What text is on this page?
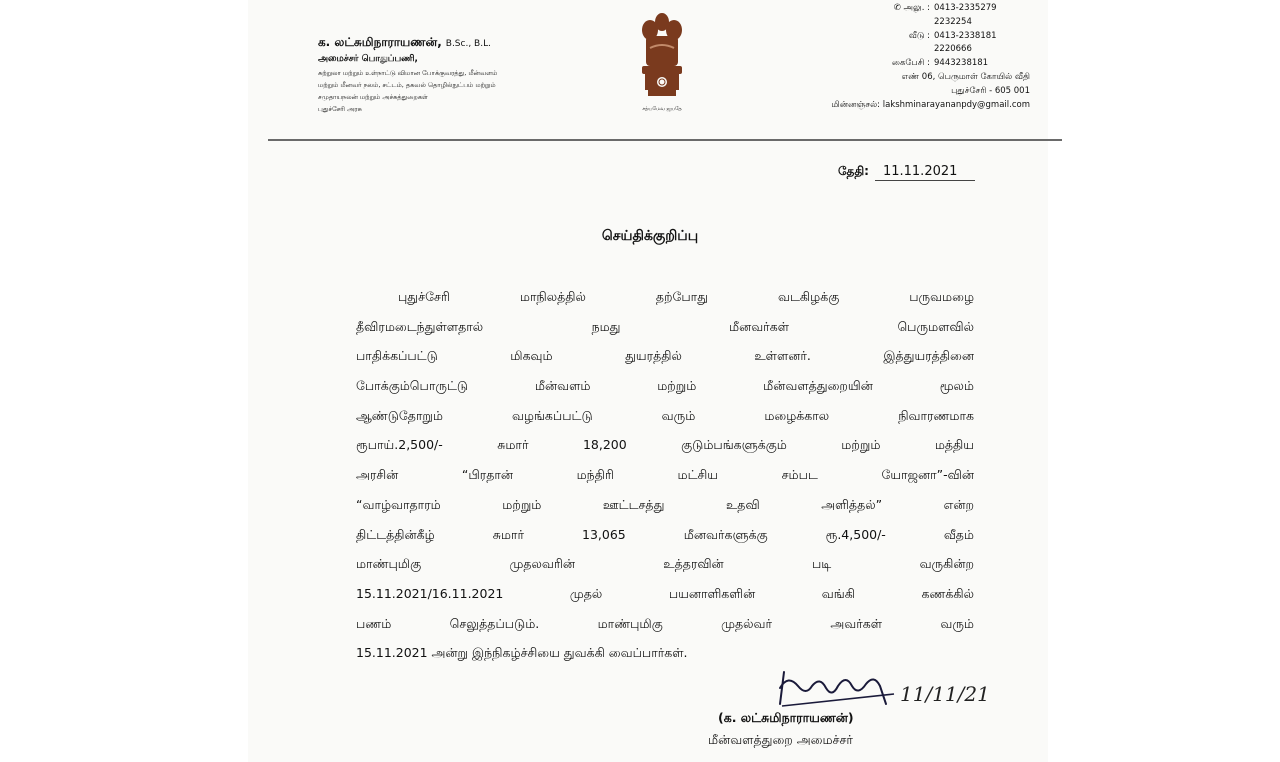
க. லட்சுமிநாராயணன், B.Sc., B.L.
அமைச்சர் பொதுப்பணி,
சுற்றுலா மற்றும் உள்நாட்டு விமான போக்குவரத்து, மீன்வளம்
மற்றும் மீனவர் நலம், சட்டம், தகவல் தொழில்நுட்பம் மற்றும்
சமுதாயநலன் மற்றும் அச்சுத்துறைகள்
புதுச்சேரி அரசு	சத்யமேவ ஜயதே
✆ அலு. : 0413-2335279
2232254
வீடு : 0413-2338181
2220666
கைபேசி : 9443238181
எண் 06, பெருமாள் கோயில் வீதி
புதுச்சேரி - 605 001
மின்னஞ்சல்: lakshminarayananpdy@gmail.com
தேதி: 11.11.2021
செய்திக்குறிப்பு
புதுச்சேரி மாநிலத்தில் தற்போது வடகிழக்கு பருவமழை
தீவிரமடைந்துள்ளதால் நமது மீனவர்கள் பெருமளவில்
பாதிக்கப்பட்டு மிகவும் துயரத்தில் உள்ளனர். இத்துயரத்தினை
போக்கும்பொருட்டு மீன்வளம் மற்றும் மீன்வளத்துறையின் மூலம்
ஆண்டுதோறும் வழங்கப்பட்டு வரும் மழைக்கால நிவாரணமாக
ரூபாய்.2,500/- சுமார் 18,200 குடும்பங்களுக்கும் மற்றும் மத்திய
அரசின் “பிரதான் மந்திரி மட்சிய சம்பட யோஜனா”-வின்
“வாழ்வாதாரம் மற்றும் ஊட்டசத்து உதவி அளித்தல்” என்ற
திட்டத்தின்கீழ் சுமார் 13,065 மீனவர்களுக்கு ரூ.4,500/- வீதம்
மாண்புமிகு முதலவரின் உத்தரவின் படி வருகின்ற
15.11.2021/16.11.2021 முதல் பயனாளிகளின் வங்கி கணக்கில்
பணம் செலுத்தப்படும். மாண்புமிகு முதல்வர் அவர்கள் வரும்
15.11.2021 அன்று இந்நிகழ்ச்சியை துவக்கி வைப்பார்கள்.
11/11/21
(க. லட்சுமிநாராயணன்)
மீன்வளத்துறை அமைச்சர்
